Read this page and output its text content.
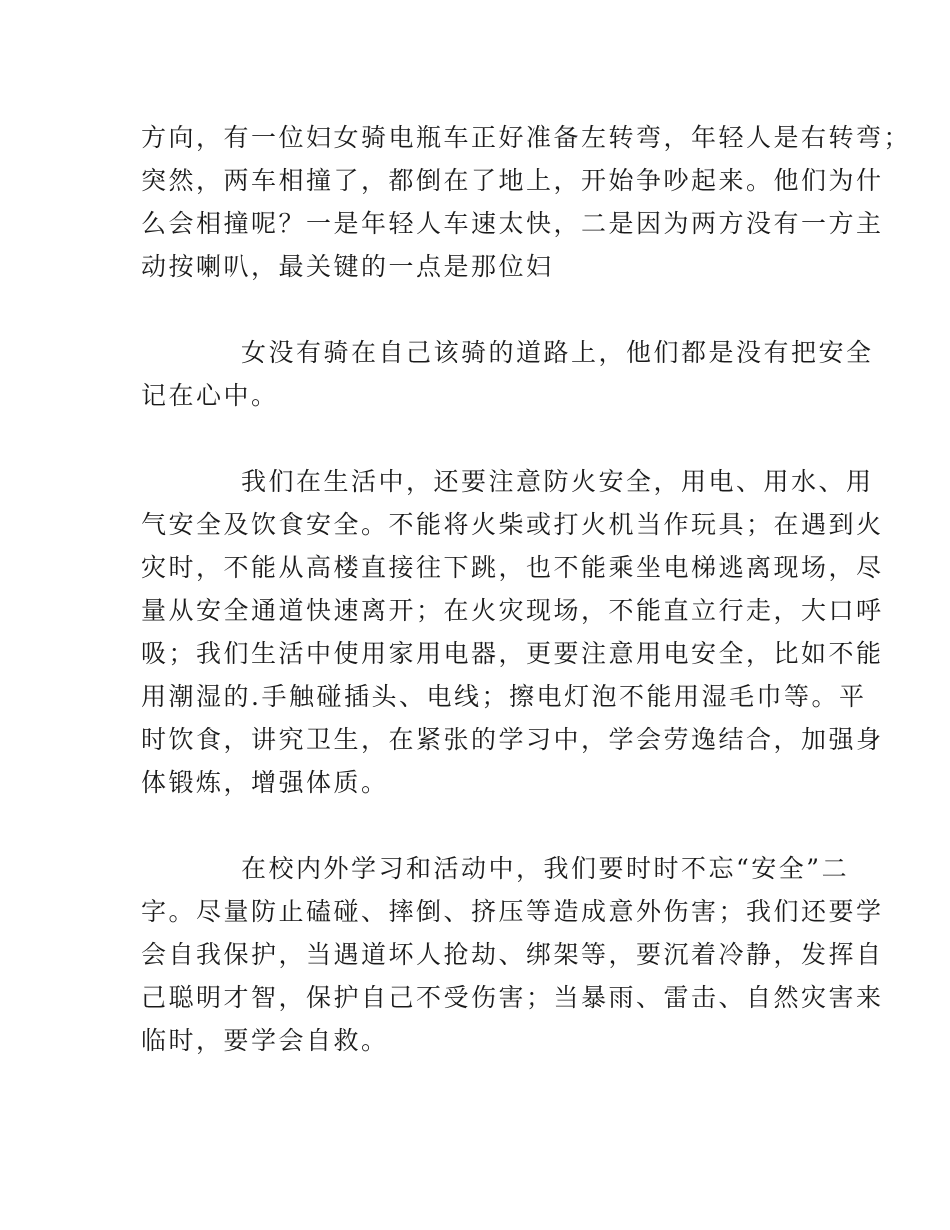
方向，有一位妇女骑电瓶车正好准备左转弯，年轻人是右转弯；
突然，两车相撞了，都倒在了地上，开始争吵起来。他们为什
么会相撞呢？一是年轻人车速太快，二是因为两方没有一方主
动按喇叭，最关键的一点是那位妇
女没有骑在自己该骑的道路上，他们都是没有把安全
记在心中。
我们在生活中，还要注意防火安全，用电、用水、用
气安全及饮食安全。不能将火柴或打火机当作玩具；在遇到火
灾时，不能从高楼直接往下跳，也不能乘坐电梯逃离现场，尽
量从安全通道快速离开；在火灾现场，不能直立行走，大口呼
吸；我们生活中使用家用电器，更要注意用电安全，比如不能
用潮湿的.手触碰插头、电线；擦电灯泡不能用湿毛巾等。平
时饮食，讲究卫生，在紧张的学习中，学会劳逸结合，加强身
体锻炼，增强体质。
在校内外学习和活动中，我们要时时不忘“安全”二
字。尽量防止磕碰、摔倒、挤压等造成意外伤害；我们还要学
会自我保护，当遇道坏人抢劫、绑架等，要沉着冷静，发挥自
己聪明才智，保护自己不受伤害；当暴雨、雷击、自然灾害来
临时，要学会自救。
